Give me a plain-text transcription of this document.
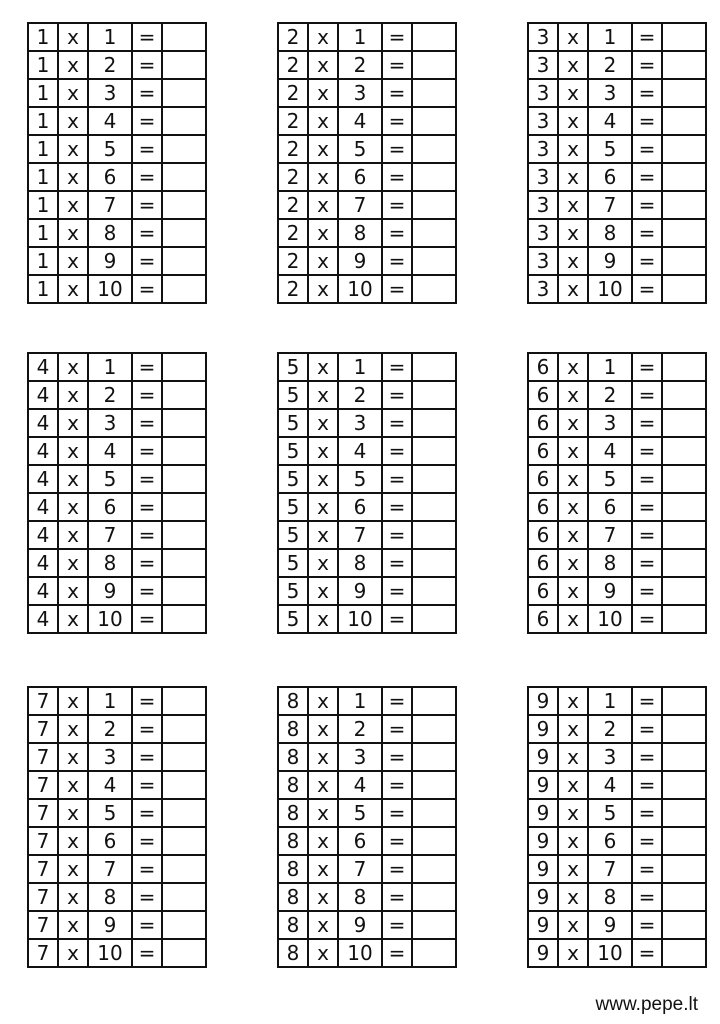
www.pepe.lt
1	x	1	=	
1	x	2	=	
1	x	3	=	
1	x	4	=	
1	x	5	=	
1	x	6	=	
1	x	7	=	
1	x	8	=	
1	x	9	=	
1	x	10	=	
2	x	1	=	
2	x	2	=	
2	x	3	=	
2	x	4	=	
2	x	5	=	
2	x	6	=	
2	x	7	=	
2	x	8	=	
2	x	9	=	
2	x	10	=	
3	x	1	=	
3	x	2	=	
3	x	3	=	
3	x	4	=	
3	x	5	=	
3	x	6	=	
3	x	7	=	
3	x	8	=	
3	x	9	=	
3	x	10	=	
4	x	1	=	
4	x	2	=	
4	x	3	=	
4	x	4	=	
4	x	5	=	
4	x	6	=	
4	x	7	=	
4	x	8	=	
4	x	9	=	
4	x	10	=	
5	x	1	=	
5	x	2	=	
5	x	3	=	
5	x	4	=	
5	x	5	=	
5	x	6	=	
5	x	7	=	
5	x	8	=	
5	x	9	=	
5	x	10	=	
6	x	1	=	
6	x	2	=	
6	x	3	=	
6	x	4	=	
6	x	5	=	
6	x	6	=	
6	x	7	=	
6	x	8	=	
6	x	9	=	
6	x	10	=	
7	x	1	=	
7	x	2	=	
7	x	3	=	
7	x	4	=	
7	x	5	=	
7	x	6	=	
7	x	7	=	
7	x	8	=	
7	x	9	=	
7	x	10	=	
8	x	1	=	
8	x	2	=	
8	x	3	=	
8	x	4	=	
8	x	5	=	
8	x	6	=	
8	x	7	=	
8	x	8	=	
8	x	9	=	
8	x	10	=	
9	x	1	=	
9	x	2	=	
9	x	3	=	
9	x	4	=	
9	x	5	=	
9	x	6	=	
9	x	7	=	
9	x	8	=	
9	x	9	=	
9	x	10	=	
